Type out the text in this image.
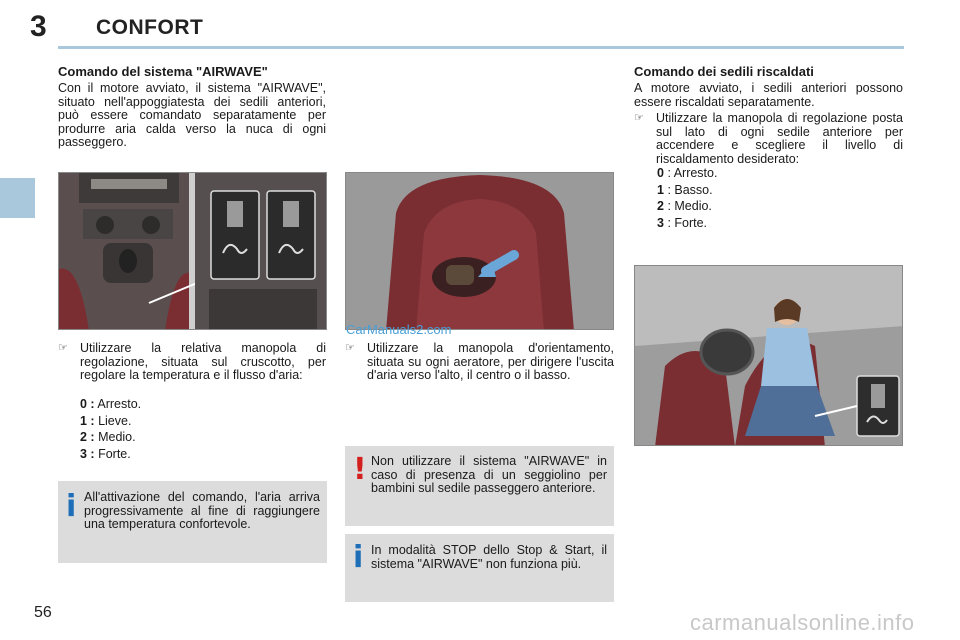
3 CONFORT
Comando del sistema "AIRWAVE"
Con il motore avviato, il sistema "AIRWAVE", situato nell'appoggiatesta dei sedili anteriori, può essere comandato separatamente per produrre aria calda verso la nuca di ogni passeggero.
☞ Utilizzare la relativa manopola di regolazione, situata sul cruscotto, per regolare la temperatura e il flusso d'aria:
0 : Arresto.
1 : Lieve.
2 : Medio.
3 : Forte.
i All'attivazione del comando, l'aria arriva progressivamente al fine di raggiungere una temperatura confortevole.
☞ Utilizzare la manopola d'orientamento, situata su ogni aeratore, per dirigere l'uscita d'aria verso l'alto, il centro o il basso.
! Non utilizzare il sistema "AIRWAVE" in caso di presenza di un seggiolino per bambini sul sedile passeggero anteriore.
i In modalità STOP dello Stop & Start, il sistema "AIRWAVE" non funziona più.
Comando dei sedili riscaldati
A motore avviato, i sedili anteriori possono essere riscaldati separatamente.
☞ Utilizzare la manopola di regolazione posta sul lato di ogni sedile anteriore per accendere e scegliere il livello di riscaldamento desiderato:
0 : Arresto.
1 : Basso.
2 : Medio.
3 : Forte.
56
CarManuals2.com
carmanualsonline.info
